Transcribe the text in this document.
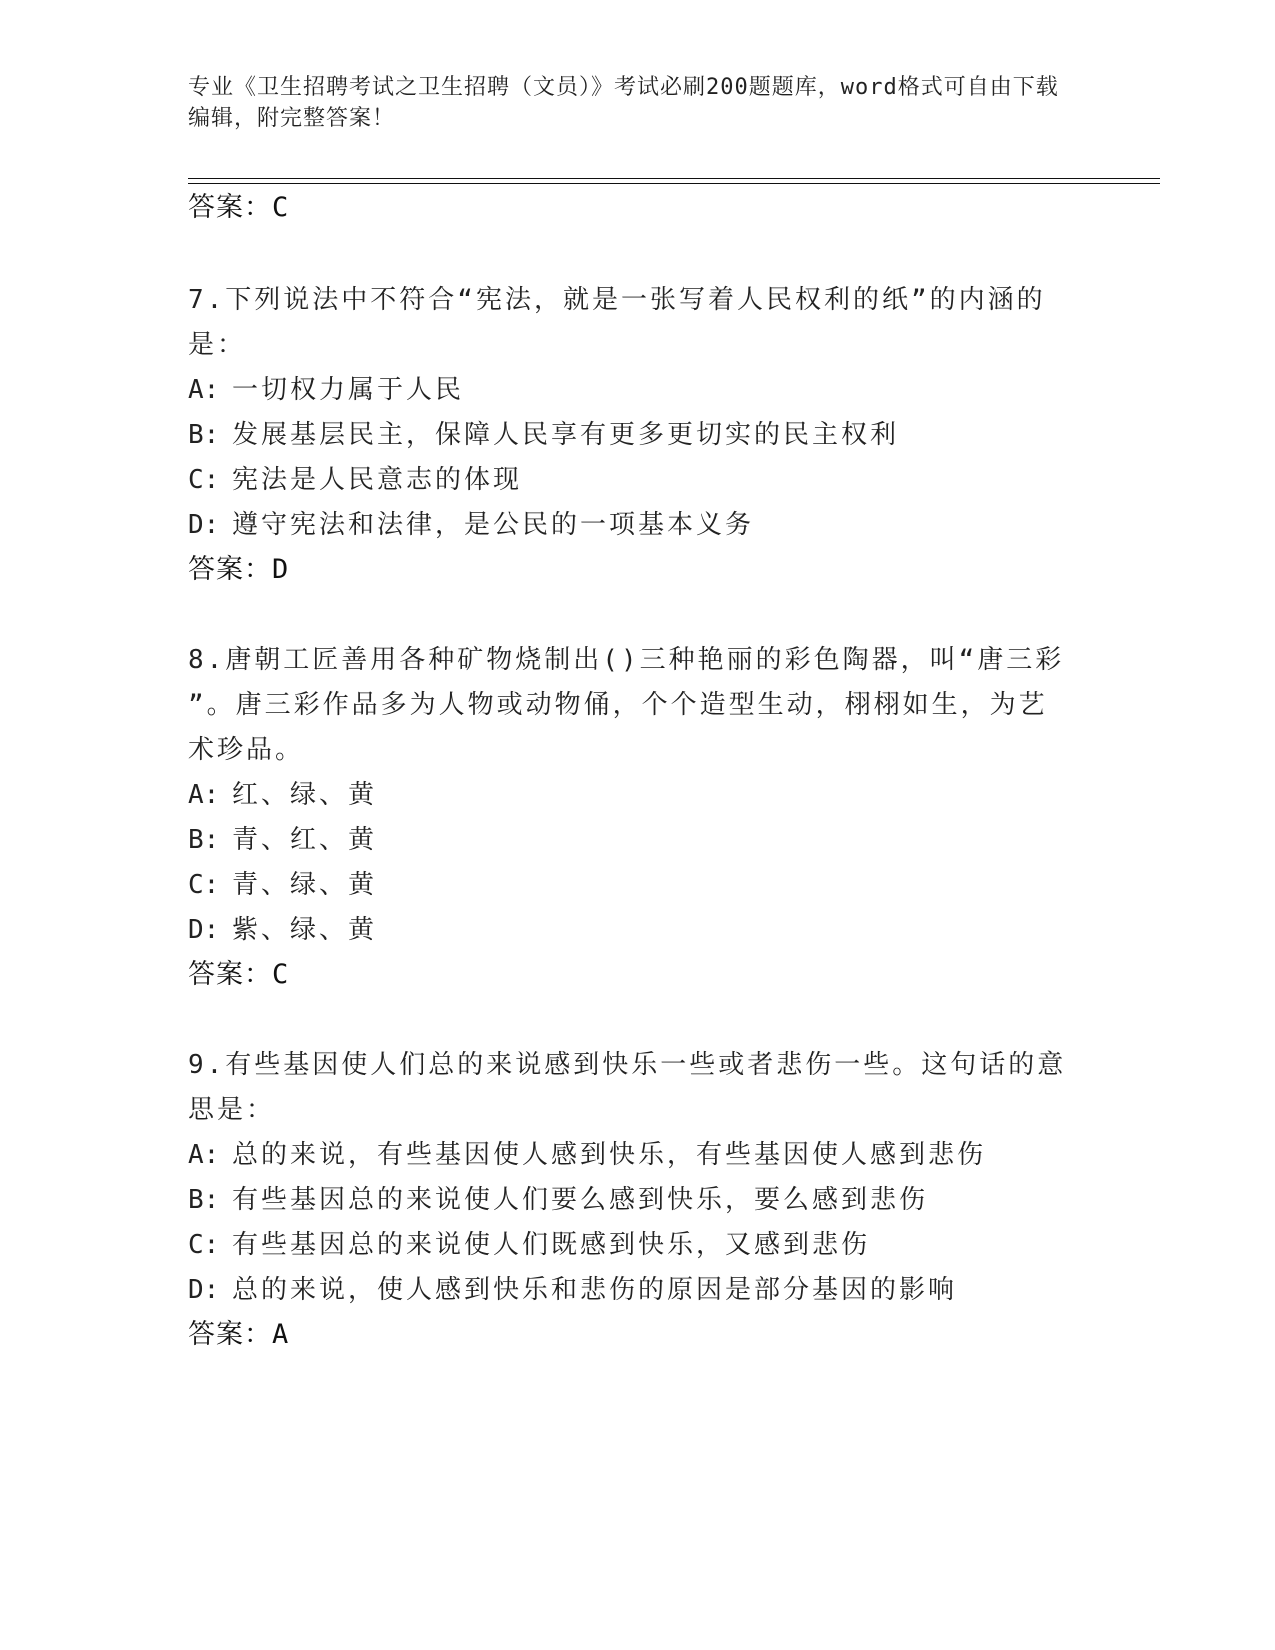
专业《卫生招聘考试之卫生招聘（文员）》考试必刷200题题库，word格式可自由下载编辑，附完整答案！
答案：C
7.下列说法中不符合“宪法，就是一张写着人民权利的纸”的内涵的
是：
A: 一切权力属于人民
B: 发展基层民主，保障人民享有更多更切实的民主权利
C: 宪法是人民意志的体现
D: 遵守宪法和法律，是公民的一项基本义务
答案：D
8.唐朝工匠善用各种矿物烧制出()三种艳丽的彩色陶器，叫“唐三彩
”。唐三彩作品多为人物或动物俑，个个造型生动，栩栩如生，为艺
术珍品。
A: 红、绿、黄
B: 青、红、黄
C: 青、绿、黄
D: 紫、绿、黄
答案：C
9.有些基因使人们总的来说感到快乐一些或者悲伤一些。这句话的意
思是：
A: 总的来说，有些基因使人感到快乐，有些基因使人感到悲伤
B: 有些基因总的来说使人们要么感到快乐，要么感到悲伤
C: 有些基因总的来说使人们既感到快乐，又感到悲伤
D: 总的来说，使人感到快乐和悲伤的原因是部分基因的影响
答案：A
